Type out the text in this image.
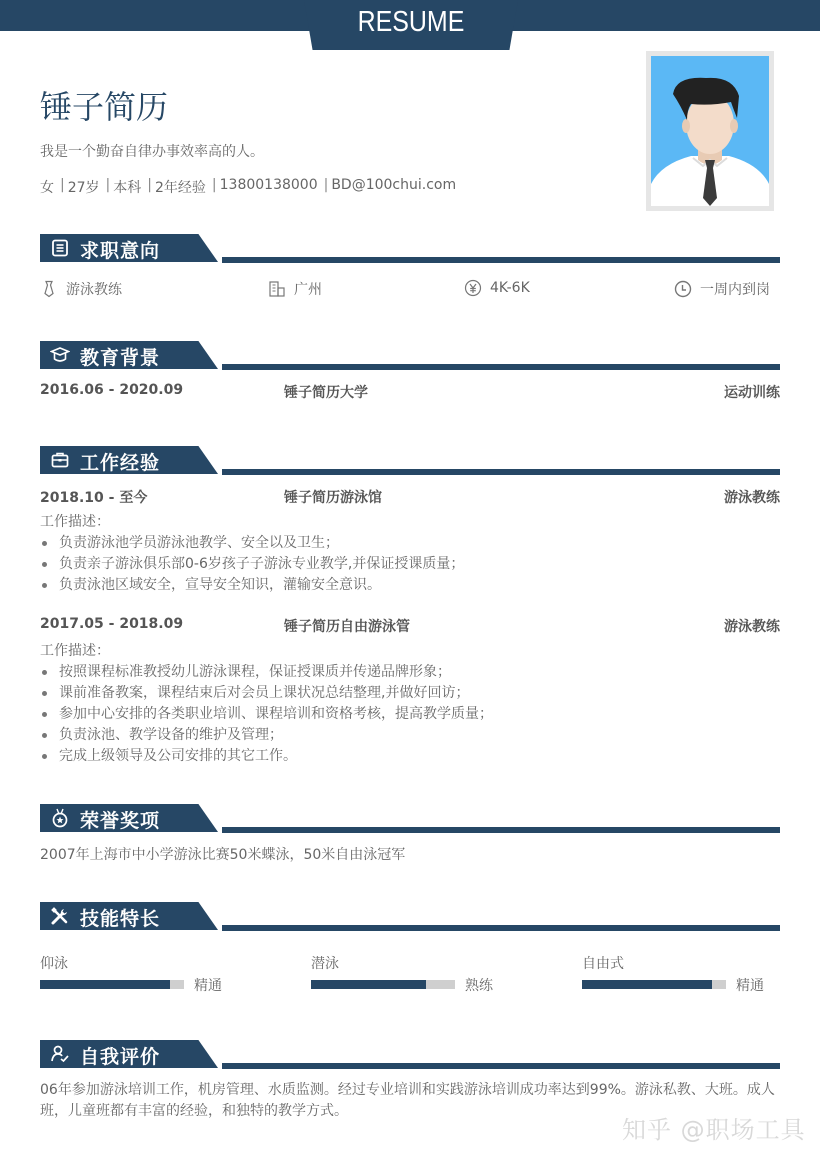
RESUME
锤子简历
我是一个勤奋自律办事效率高的人。
女 | 27岁 | 本科 | 2年经验 | 13800138000 | BD@100chui.com
求职意向
游泳教练	广州	4K-6K	一周内到岗
教育背景
2016.06 - 2020.09	锤子简历大学	运动训练
工作经验
2018.10 - 至今	锤子简历游泳馆	游泳教练
工作描述：
负责游泳池学员游泳池教学、安全以及卫生；
负责亲子游泳俱乐部0-6岁孩子子游泳专业教学,并保证授课质量；
负责泳池区域安全，宣导安全知识，灌输安全意识。
2017.05 - 2018.09	锤子简历自由游泳管	游泳教练
工作描述：
按照课程标准教授幼儿游泳课程，保证授课质并传递品牌形象；
课前准备教案，课程结束后对会员上课状况总结整理,并做好回访；
参加中心安排的各类职业培训、课程培训和资格考核，提高教学质量；
负责泳池、教学设备的维护及管理；
完成上级领导及公司安排的其它工作。
荣誉奖项
2007年上海市中小学游泳比赛50米蝶泳，50米自由泳冠军
技能特长
仰泳
精通
潜泳
熟练
自由式
精通
自我评价
06年参加游泳培训工作，机房管理、水质监测。经过专业培训和实践游泳培训成功率达到99%。游泳私教、大班。成人
班，儿童班都有丰富的经验，和独特的教学方式。
知乎 @职场工具
